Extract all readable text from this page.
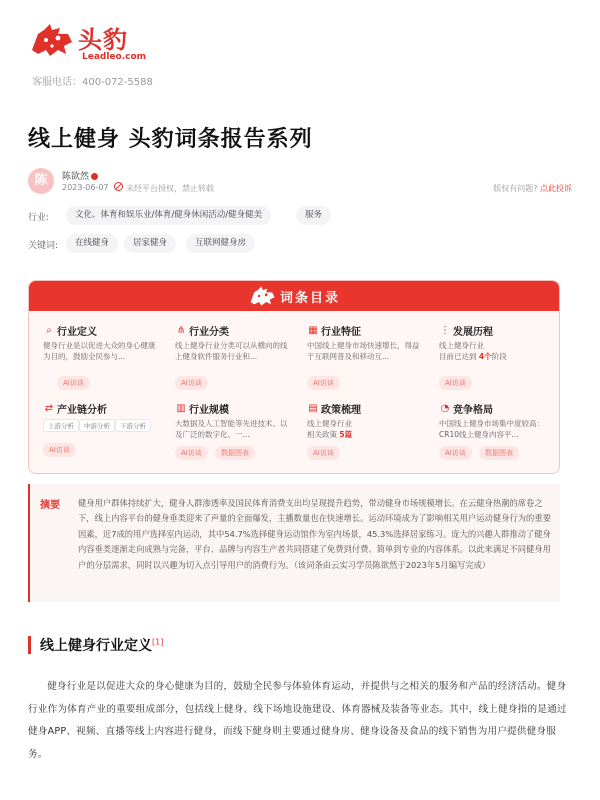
头豹
Leadleo.com
客服电话：400-072-5588
线上健身 头豹词条报告系列
陈	陈欲然
2023-06-07 未经平台授权，禁止转载	版权有问题? 点此投诉
行业:	文化、体育和娱乐业/体育/健身休闲活动/健身健美	服务
关键词:	在线健身	居家健身	互联网健身房
词条目录
⌕ 行业定义
健身行业是以促进大众的身心健康为目的，鼓励全民参与...
AI访谈
⋔ 行业分类
线上健身行业分类可以从横向的线上健身软件服务行业和...
AI访谈
▦ 行业特征
中国线上健身市场快速增长，得益于互联网普及和移动互...
AI访谈
⋮ 发展历程
线上健身行业
目前已达到 4个阶段
AI访谈
⇄ 产业链分析
上游分析	中游分析	下游分析
AI访谈
▥ 行业规模
大数据及人工智能等先进技术、以及广泛的数字化、一...
AI访谈	数据图表
▤ 政策梳理
线上健身行业
相关政策 5篇
AI访谈
◔ 竞争格局
中国线上健身市场集中度较高：CR10线上健身内容平...
AI访谈	数据图表
摘要 健身用户群体持续扩大，健身人群渗透率及国民体育消费支出均呈现提升趋势，带动健身市场规模增长。在云健身热潮的席卷之下，线上内容平台的健身垂类迎来了声量的全面爆发，主播数量也在快速增长。运动环境成为了影响相关用户运动健身行为的重要因素，近7成的用户选择室内运动，其中54.7%选择健身运动馆作为室内场景，45.3%选择居家练习。庞大的兴趣人群推动了健身内容垂类逐渐走向成熟与完备，平台、品牌与内容生产者共同搭建了免费到付费、简单到专业的内容体系。以此来满足不同健身用户的分层需求，同时以兴趣为切入点引导用户的消费行为。（该词条由云实习学员陈欲然于2023年5月编写完成）
线上健身行业定义[1]

健身行业是以促进大众的身心健康为目的，鼓励全民参与体验体育运动，并提供与之相关的服务和产品的经济活动。健身行业作为体育产业的重要组成部分，包括线上健身、线下场地设施建设、体育器械及装备等业态。其中，线上健身指的是通过健身APP、视频、直播等线上内容进行健身，而线下健身则主要通过健身房、健身设备及食品的线下销售为用户提供健身服务。
